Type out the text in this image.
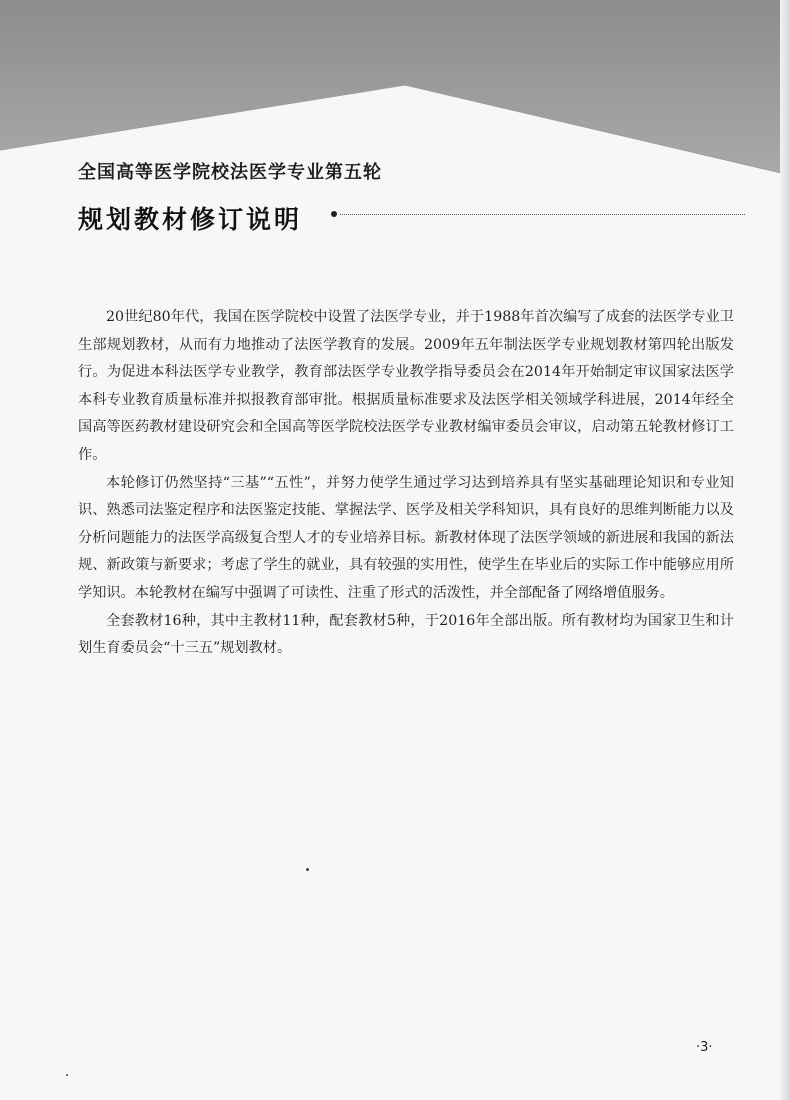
全国高等医学院校法医学专业第五轮
规划教材修订说明

20世纪80年代，我国在医学院校中设置了法医学专业，并于1988年首次编写了成套的法医学专业卫生部规划教材，从而有力地推动了法医学教育的发展。2009年五年制法医学专业规划教材第四轮出版发行。为促进本科法医学专业教学，教育部法医学专业教学指导委员会在2014年开始制定审议国家法医学本科专业教育质量标准并拟报教育部审批。根据质量标准要求及法医学相关领域学科进展，2014年经全国高等医药教材建设研究会和全国高等医学院校法医学专业教材编审委员会审议，启动第五轮教材修订工作。

本轮修订仍然坚持“三基”“五性”，并努力使学生通过学习达到培养具有坚实基础理论知识和专业知识、熟悉司法鉴定程序和法医鉴定技能、掌握法学、医学及相关学科知识，具有良好的思维判断能力以及分析问题能力的法医学高级复合型人才的专业培养目标。新教材体现了法医学领域的新进展和我国的新法规、新政策与新要求；考虑了学生的就业，具有较强的实用性，使学生在毕业后的实际工作中能够应用所学知识。本轮教材在编写中强调了可读性、注重了形式的活泼性，并全部配备了网络增值服务。

全套教材16种，其中主教材11种，配套教材5种，于2016年全部出版。所有教材均为国家卫生和计划生育委员会“十三五”规划教材。

·3·
